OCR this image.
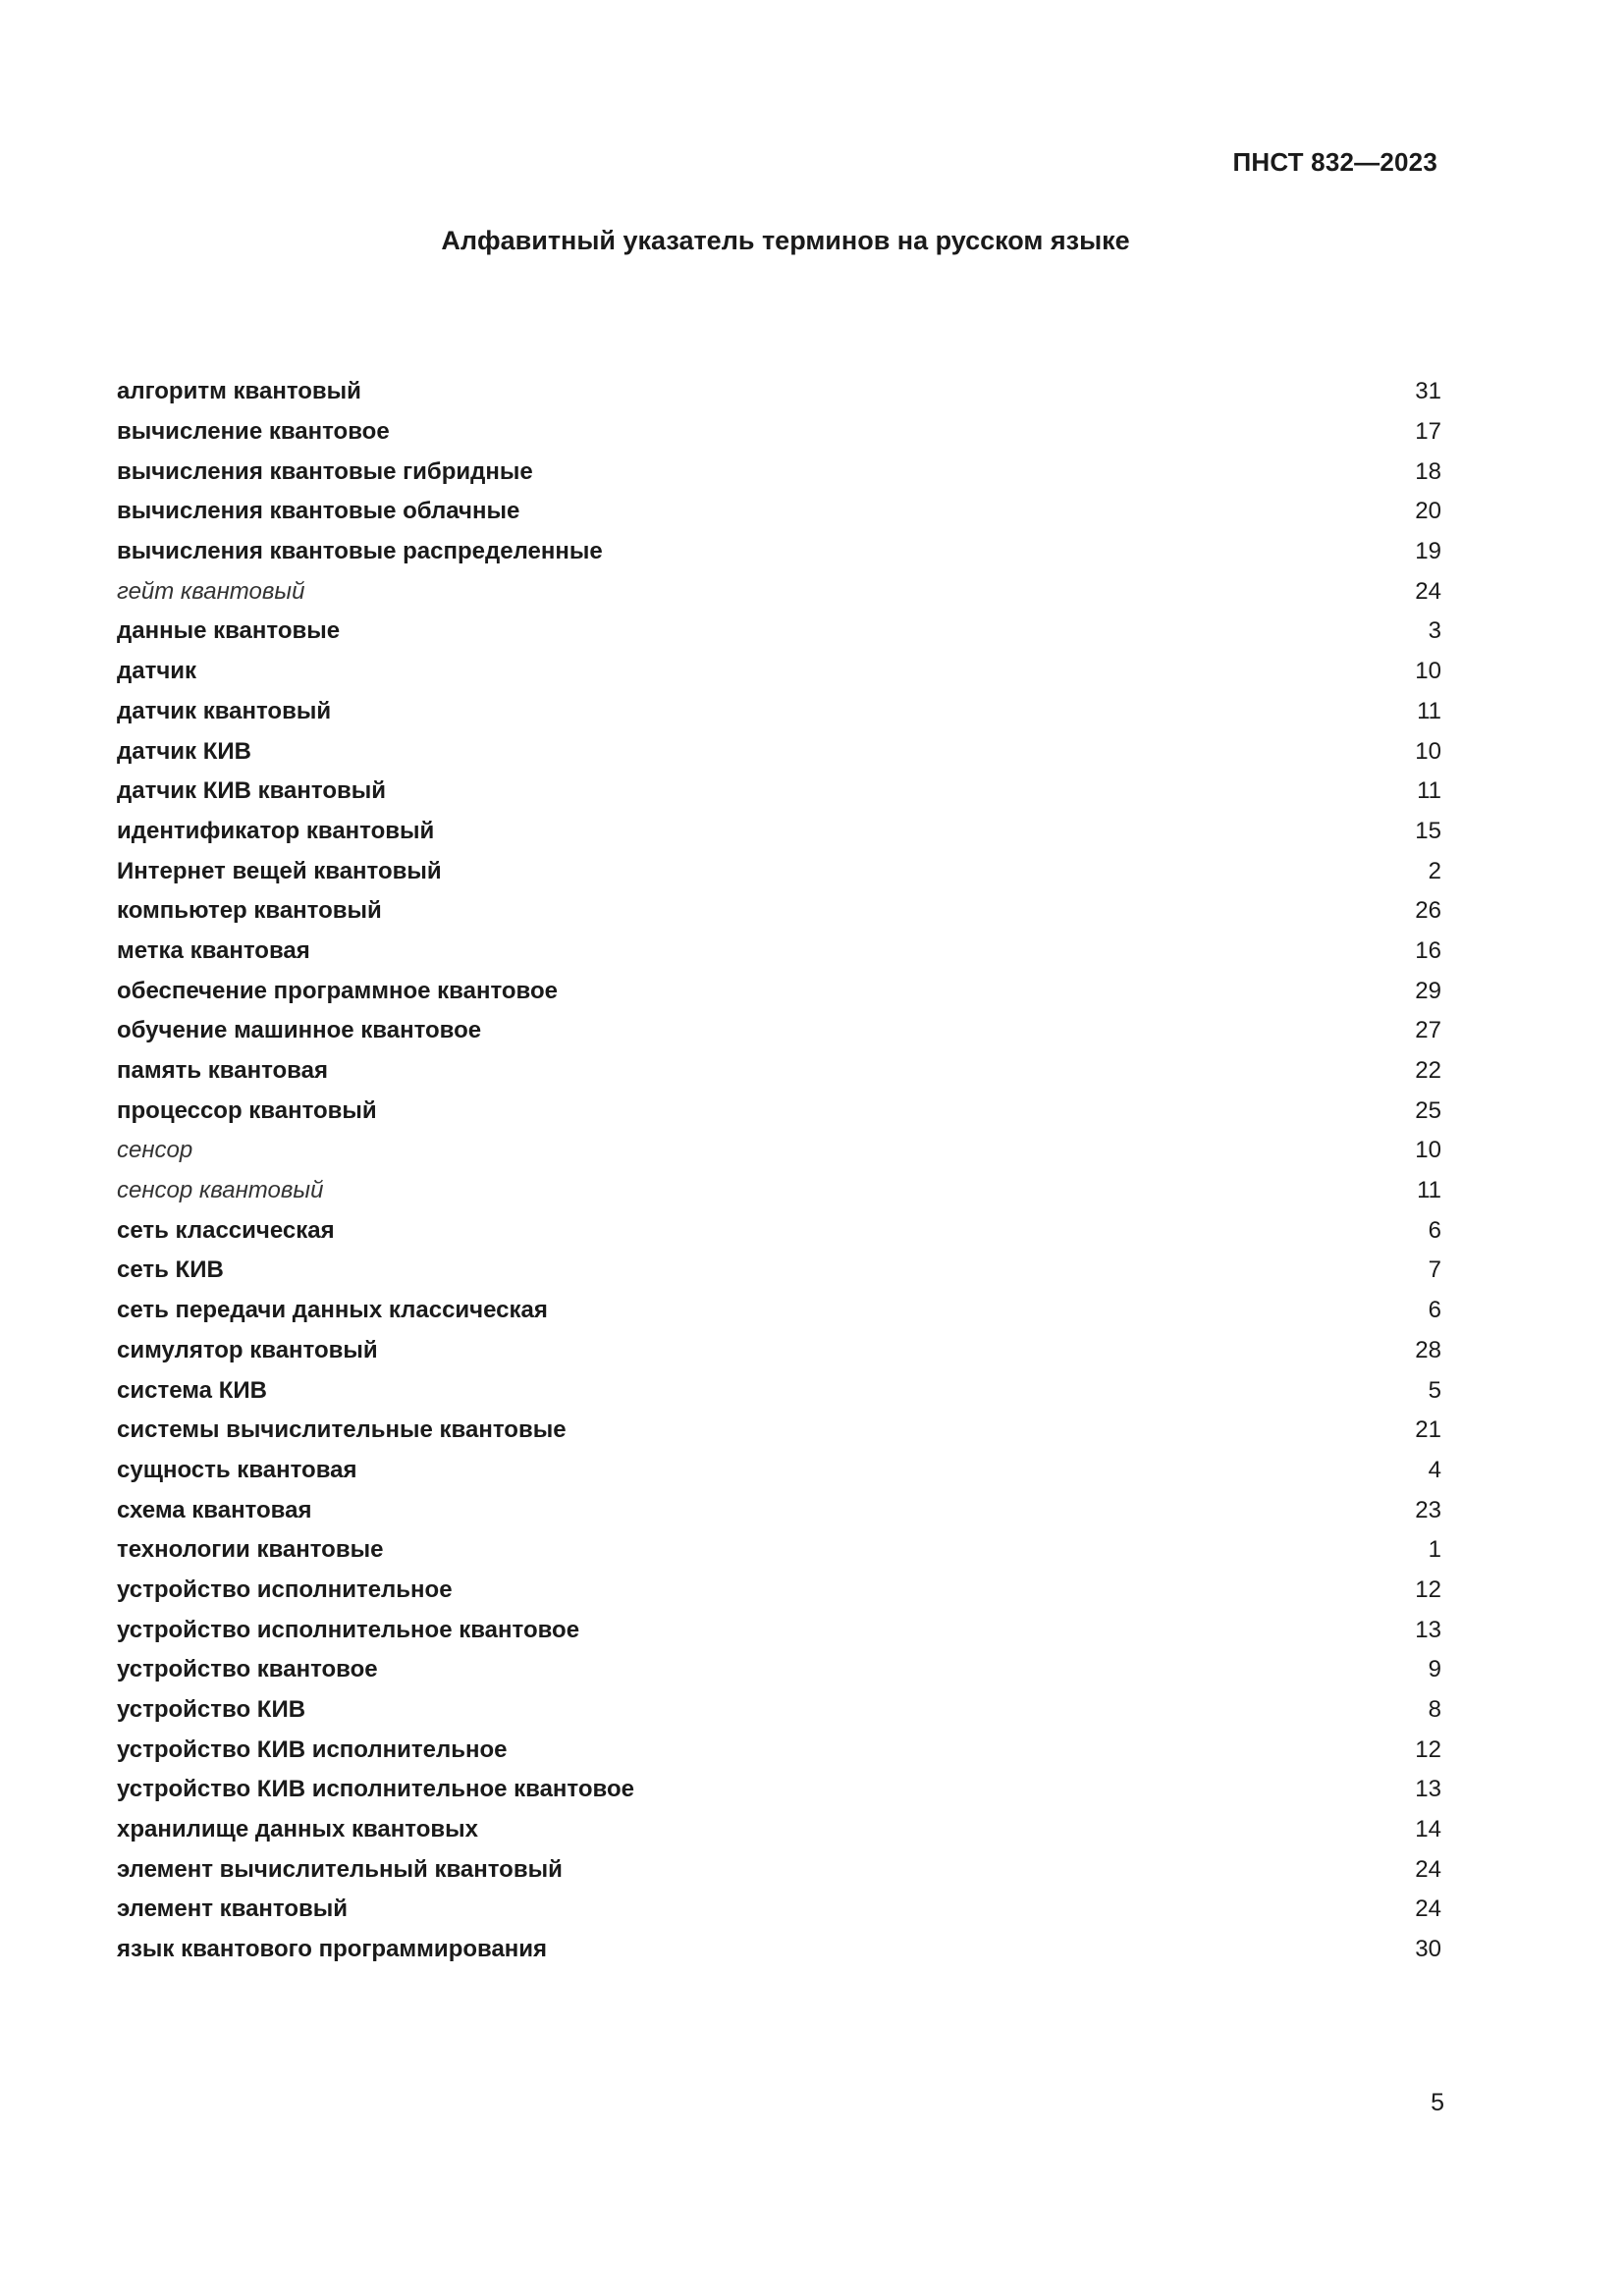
ПНСТ 832—2023
Алфавитный указатель терминов на русском языке
алгоритм квантовый	31
вычисление квантовое	17
вычисления квантовые гибридные	18
вычисления квантовые облачные	20
вычисления квантовые распределенные	19
гейт квантовый	24
данные квантовые	3
датчик	10
датчик квантовый	11
датчик КИВ	10
датчик КИВ квантовый	11
идентификатор квантовый	15
Интернет вещей квантовый	2
компьютер квантовый	26
метка квантовая	16
обеспечение программное квантовое	29
обучение машинное квантовое	27
память квантовая	22
процессор квантовый	25
сенсор	10
сенсор квантовый	11
сеть классическая	6
сеть КИВ	7
сеть передачи данных классическая	6
симулятор квантовый	28
система КИВ	5
системы вычислительные квантовые	21
сущность квантовая	4
схема квантовая	23
технологии квантовые	1
устройство исполнительное	12
устройство исполнительное квантовое	13
устройство квантовое	9
устройство КИВ	8
устройство КИВ исполнительное	12
устройство КИВ исполнительное квантовое	13
хранилище данных квантовых	14
элемент вычислительный квантовый	24
элемент квантовый	24
язык квантового программирования	30
5
